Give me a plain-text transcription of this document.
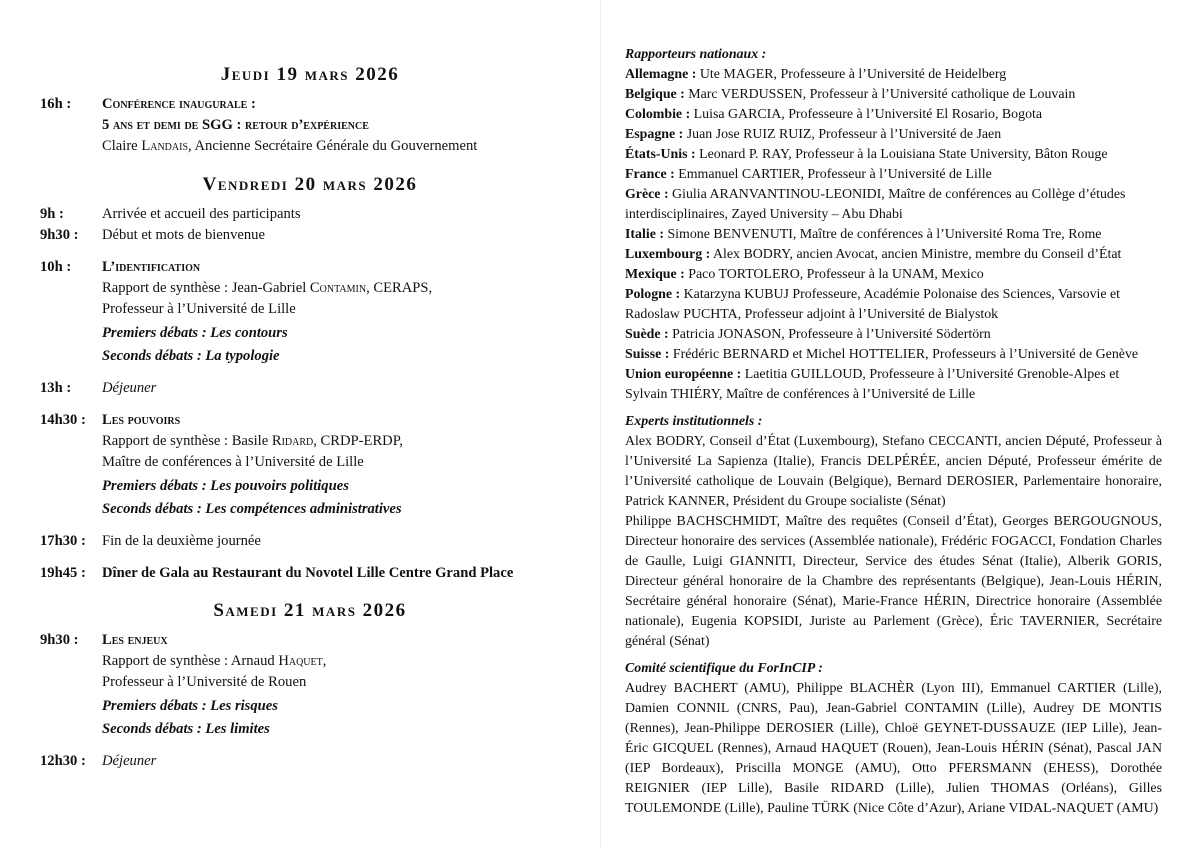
Jeudi 19 mars 2026
16h :	Conférence inaugurale :
5 ans et demi de SGG : retour d’expérience
Claire Landais, Ancienne Secrétaire Générale du Gouvernement
Vendredi 20 mars 2026
9h :	Arrivée et accueil des participants
9h30 :	Début et mots de bienvenue
10h :	L’identification
Rapport de synthèse : Jean-Gabriel Contamin, CERAPS,
Professeur à l’Université de Lille
Premiers débats : Les contours
Seconds débats : La typologie
13h :	Déjeuner
14h30 :	Les pouvoirs
Rapport de synthèse : Basile Ridard, CRDP-ERDP,
Maître de conférences à l’Université de Lille
Premiers débats : Les pouvoirs politiques
Seconds débats : Les compétences administratives
17h30 :	Fin de la deuxième journée
19h45 :	Dîner de Gala au Restaurant du Novotel Lille Centre Grand Place
Samedi 21 mars 2026
9h30 :	Les enjeux
Rapport de synthèse : Arnaud Haquet,
Professeur à l’Université de Rouen
Premiers débats : Les risques
Seconds débats : Les limites
12h30 :	Déjeuner
Rapporteurs nationaux :

Allemagne : Ute MAGER, Professeure à l’Université de Heidelberg

Belgique : Marc VERDUSSEN, Professeur à l’Université catholique de Louvain

Colombie : Luisa GARCIA, Professeure à l’Université El Rosario, Bogota

Espagne : Juan Jose RUIZ RUIZ, Professeur à l’Université de Jaen

États-Unis : Leonard P. RAY, Professeur à la Louisiana State University, Bâton Rouge

France : Emmanuel CARTIER, Professeur à l’Université de Lille

Grèce : Giulia ARANVANTINOU-LEONIDI, Maître de conférences au Collège d’études interdisciplinaires, Zayed University – Abu Dhabi

Italie : Simone BENVENUTI, Maître de conférences à l’Université Roma Tre, Rome

Luxembourg : Alex BODRY, ancien Avocat, ancien Ministre, membre du Conseil d’État

Mexique : Paco TORTOLERO, Professeur à la UNAM, Mexico

Pologne : Katarzyna KUBUJ Professeure, Académie Polonaise des Sciences, Varsovie et Radoslaw PUCHTA, Professeur adjoint à l’Université de Bialystok

Suède : Patricia JONASON, Professeure à l’Université Södertörn

Suisse : Frédéric BERNARD et Michel HOTTELIER, Professeurs à l’Université de Genève

Union européenne : Laetitia GUILLOUD, Professeure à l’Université Grenoble-Alpes et Sylvain THIÉRY, Maître de conférences à l’Université de Lille

Experts institutionnels :

Alex BODRY, Conseil d’État (Luxembourg), Stefano CECCANTI, ancien Député, Professeur à l’Université La Sapienza (Italie), Francis DELPÉRÉE, ancien Député, Professeur émérite de l’Université catholique de Louvain (Belgique), Bernard DEROSIER, Parlementaire honoraire, Patrick KANNER, Président du Groupe socialiste (Sénat)

Philippe BACHSCHMIDT, Maître des requêtes (Conseil d’État), Georges BERGOUGNOUS, Directeur honoraire des services (Assemblée nationale), Frédéric FOGACCI, Fondation Charles de Gaulle, Luigi GIANNITI, Directeur, Service des études Sénat (Italie), Alberik GORIS, Directeur général honoraire de la Chambre des représentants (Belgique), Jean-Louis HÉRIN, Secrétaire général honoraire (Sénat), Marie-France HÉRIN, Directrice honoraire (Assemblée nationale), Eugenia KOPSIDI, Juriste au Parlement (Grèce), Éric TAVERNIER, Secrétaire général (Sénat)

Comité scientifique du ForInCIP :

Audrey BACHERT (AMU), Philippe BLACHÈR (Lyon III), Emmanuel CARTIER (Lille), Damien CONNIL (CNRS, Pau), Jean-Gabriel CONTAMIN (Lille), Audrey DE MONTIS (Rennes), Jean-Philippe DEROSIER (Lille), Chloë GEYNET-DUSSAUZE (IEP Lille), Jean-Éric GICQUEL (Rennes), Arnaud HAQUET (Rouen), Jean-Louis HÉRIN (Sénat), Pascal JAN (IEP Bordeaux), Priscilla MONGE (AMU), Otto PFERSMANN (EHESS), Dorothée REIGNIER (IEP Lille), Basile RIDARD (Lille), Julien THOMAS (Orléans), Gilles TOULEMONDE (Lille), Pauline TÜRK (Nice Côte d’Azur), Ariane VIDAL-NAQUET (AMU)
